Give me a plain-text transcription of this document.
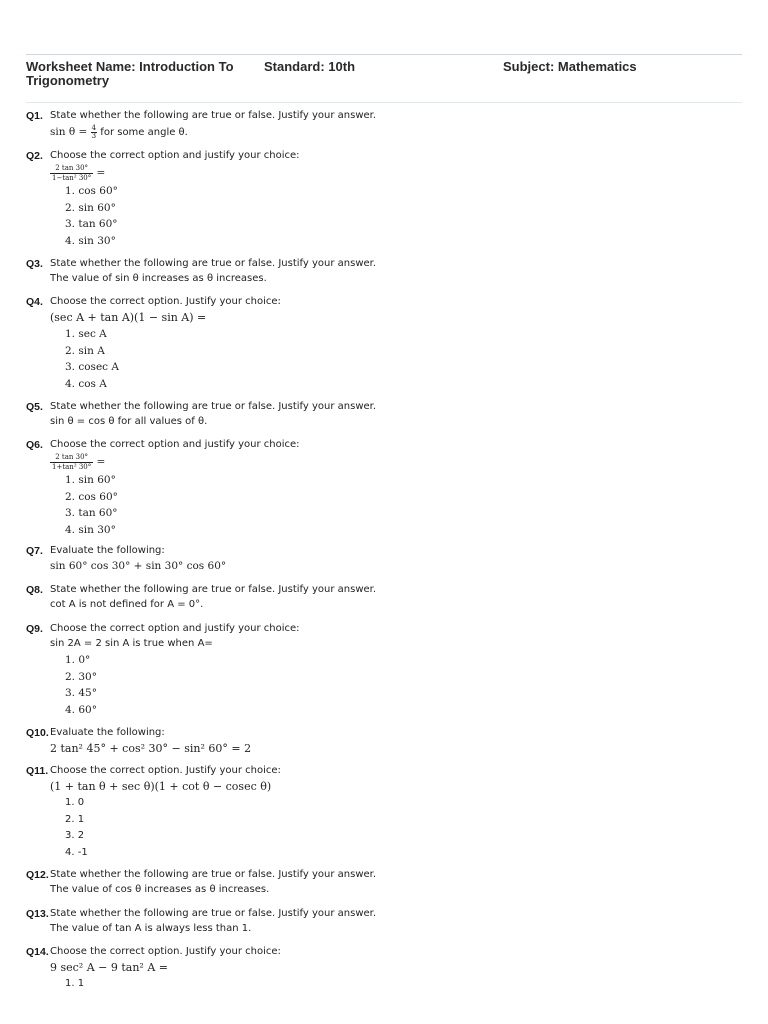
Worksheet Name: Introduction To Trigonometry
Standard: 10th	Subject: Mathematics
Q1. State whether the following are true or false. Justify your answer.
$\sin \theta = \frac{4}{3}$ for some angle θ.
Q2. Choose the correct option and justify your choice:
$\frac{2 \tan 30^\circ}{\text{1−tan² 30°}}$ =
1. cos 60°
2. sin 60°
3. tan 60°
4. sin 30°
Q3. State whether the following are true or false. Justify your answer.
The value of sin θ increases as θ increases.
Q4. Choose the correct option. Justify your choice:
(sec A + tan A)(1 − sin A) =
1. sec A
2. sin A
3. cosec A
4. cos A
Q5. State whether the following are true or false. Justify your answer.
sin θ = cos θ for all values of θ.
Q6. Choose the correct option and justify your choice:
$\frac{2 \tan 30^\circ}{\text{1+tan² 30°}}$ =
1. sin 60°
2. cos 60°
3. tan 60°
4. sin 30°
Q7. Evaluate the following:
sin 60° cos 30° + sin 30° cos 60°
Q8. State whether the following are true or false. Justify your answer.
cot A is not defined for A = 0°.
Q9. Choose the correct option and justify your choice:
sin 2A = 2 sin A is true when A=
1. 0°
2. 30°
3. 45°
4. 60°
Q10. Evaluate the following:
2 tan² 45° + cos² 30° − sin² 60° = 2
Q11. Choose the correct option. Justify your choice:
(1 + tan θ + sec θ)(1 + cot θ − cosec θ)
1. 0
2. 1
3. 2
4. -1
Q12. State whether the following are true or false. Justify your answer.
The value of cos θ increases as θ increases.
Q13. State whether the following are true or false. Justify your answer.
The value of tan A is always less than 1.
Q14. Choose the correct option. Justify your choice:
9 sec² A − 9 tan² A =
1. 1
